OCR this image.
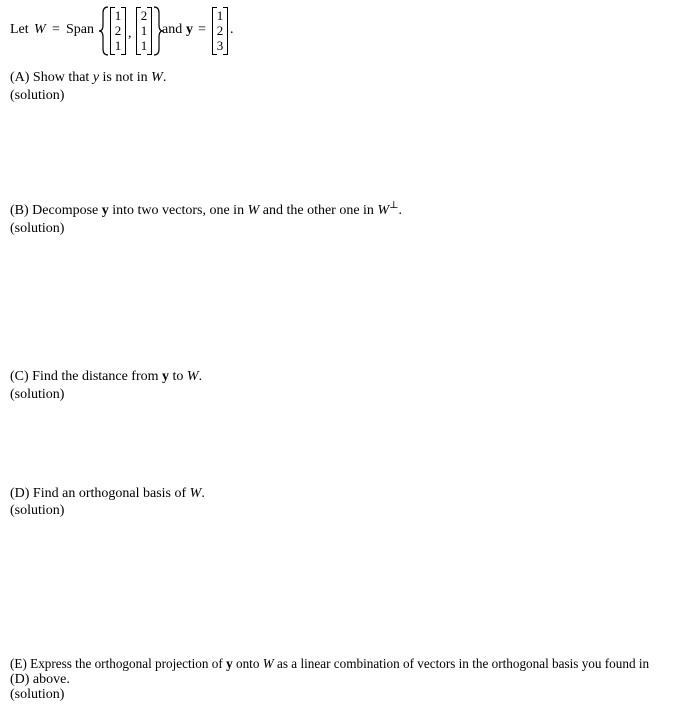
Let W = Span
1
2
1
,
2
1
1
and y =
1
2
3
.
(A) Show that y is not in W.
(solution)
(B) Decompose y into two vectors, one in W and the other one in W⊥.
(solution)
(C) Find the distance from y to W.
(solution)
(D) Find an orthogonal basis of W.
(solution)
(E) Express the orthogonal projection of y onto W as a linear combination of vectors in the orthogonal basis you found in
(D) above.
(solution)
